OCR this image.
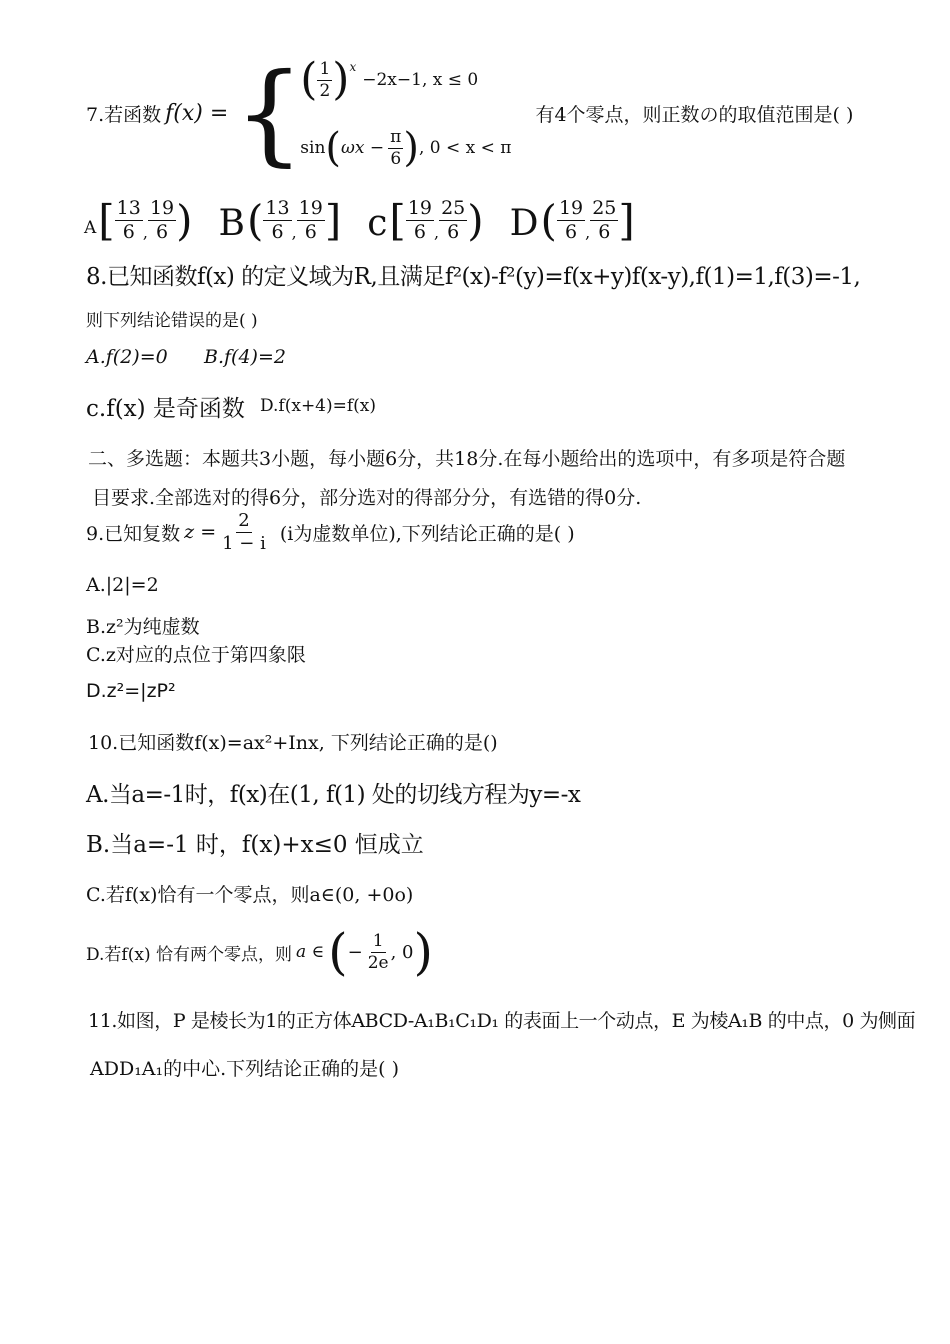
7.若函数 f(x) = {
( $\frac{1}{2} )^x$
−2x−1, x ≤ 0
sin ( $\omega x - \frac{\pi}{6}$ ) , 0 < x < π
有4个零点，则正数の的取值范围是( )
A [ $\frac{13}{6}$ , $\frac{19}{6}$ ) B ( $\frac{13}{6}$ , $\frac{19}{6}$ ] c [ $\frac{19}{6}$ , $\frac{25}{6}$ ) D ( $\frac{19}{6}$ , $\frac{25}{6}$ ]
8.已知函数f(x) 的定义域为R,且满足f²(x)-f²(y)=f(x+y)f(x-y),f(1)=1,f(3)=-1,
则下列结论错误的是( )
A.f(2)=0 B.f(4)=2
c.f(x) 是奇函数 D.f(x+4)=f(x)
二、多选题：本题共3小题，每小题6分，共18分.在每小题给出的选项中，有多项是符合题
目要求.全部选对的得6分，部分选对的得部分分，有选错的得0分.
9.已知复数 $z = \frac{2}{1 - i} (i$为虚数单位),下列结论正确的是( )
A.|2|=2
B.z²为纯虚数
C.z对应的点位于第四象限
D.z²=|zP²
10.已知函数f(x)=ax²+Inx, 下列结论正确的是()
A.当a=-1时，f(x)在(1, f(1) 处的切线方程为y=-x
B.当a=-1 时，f(x)+x≤0 恒成立
C.若f(x)恰有一个零点，则a∈(0, +0o)
D.若f(x) 恰有两个零点，则 a ∈ ( − $\frac{1}{2e}$ , 0 )
11.如图，P 是棱长为1的正方体ABCD-A₁B₁C₁D₁ 的表面上一个动点，E 为棱A₁B 的中点，0 为侧面
ADD₁A₁的中心.下列结论正确的是( )
